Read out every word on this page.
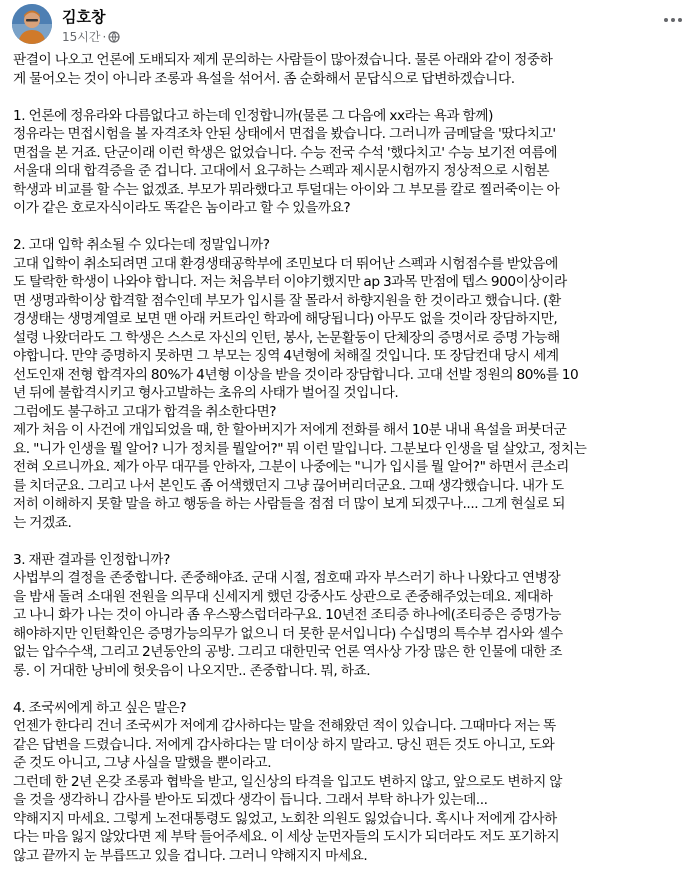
김호창
15시간 ·
판결이 나오고 언론에 도배되자 제게 문의하는 사람들이 많아졌습니다. 물론 아래와 같이 정중하
게 물어오는 것이 아니라 조롱과 욕설을 섞어서. 좀 순화해서 문답식으로 답변하겠습니다.
1. 언론에 정유라와 다름없다고 하는데 인정합니까(물론 그 다음에 xx라는 욕과 함께)
정유라는 면접시험을 볼 자격조차 안된 상태에서 면접을 봤습니다. 그러니까 금메달을 '땄다치고'
면접을 본 거죠. 단군이래 이런 학생은 없었습니다. 수능 전국 수석 '했다치고' 수능 보기전 여름에
서울대 의대 합격증을 준 겁니다. 고대에서 요구하는 스펙과 제시문시험까지 정상적으로 시험본
학생과 비교를 할 수는 없겠죠. 부모가 뭐라했다고 투덜대는 아이와 그 부모를 칼로 찔러죽이는 아
이가 같은 호로자식이라도 똑같은 놈이라고 할 수 있을까요?
2. 고대 입학 취소될 수 있다는데 정말입니까?
고대 입학이 취소되려면 고대 환경생태공학부에 조민보다 더 뛰어난 스펙과 시험점수를 받았음에
도 탈락한 학생이 나와야 합니다. 저는 처음부터 이야기했지만 ap 3과목 만점에 텝스 900이상이라
면 생명과학이상 합격할 점수인데 부모가 입시를 잘 몰라서 하향지원을 한 것이라고 했습니다. (환
경생태는 생명계열로 보면 맨 아래 커트라인 학과에 해당됩니다) 아무도 없을 것이라 장담하지만,
설령 나왔더라도 그 학생은 스스로 자신의 인턴, 봉사, 논문활동이 단체장의 증명서로 증명 가능해
야합니다. 만약 증명하지 못하면 그 부모는 징역 4년형에 처해질 것입니다. 또 장담컨대 당시 세계
선도인재 전형 합격자의 80%가 4년형 이상을 받을 것이라 장담합니다. 고대 선발 정원의 80%를 10
년 뒤에 불합격시키고 형사고발하는 초유의 사태가 벌어질 것입니다.
그럼에도 불구하고 고대가 합격을 취소한다면?
제가 처음 이 사건에 개입되었을 때, 한 할아버지가 저에게 전화를 해서 10분 내내 욕설을 퍼붓더군
요. "니가 인생을 뭘 알어? 니가 정치를 뭘알어?" 뭐 이런 말입니다. 그분보다 인생을 덜 살았고, 정치는
전혀 오르니까요. 제가 아무 대꾸를 안하자, 그분이 나중에는 "니가 입시를 뭘 알어?" 하면서 큰소리
를 치더군요. 그리고 나서 본인도 좀 어색했던지 그냥 끊어버리더군요. 그때 생각했습니다. 내가 도
저히 이해하지 못할 말을 하고 행동을 하는 사람들을 점점 더 많이 보게 되겠구나.... 그게 현실로 되
는 거겠죠.
3. 재판 결과를 인정합니까?
사법부의 결정을 존중합니다. 존중해야죠. 군대 시절, 점호때 과자 부스러기 하나 나왔다고 연병장
을 밤새 돌려 소대원 전원을 의무대 신세지게 했던 강중사도 상관으로 존중해주었는데요. 제대하
고 나니 화가 나는 것이 아니라 좀 우스꽝스럽더라구요. 10년전 조티증 하나에(조티증은 증명가능
해야하지만 인턴확인은 증명가능의무가 없으니 더 못한 문서입니다) 수십명의 특수부 검사와 셀수
없는 압수수색, 그리고 2년동안의 공방. 그리고 대한민국 언론 역사상 가장 많은 한 인물에 대한 조
롱. 이 거대한 낭비에 헛웃음이 나오지만.. 존중합니다. 뭐, 하죠.
4. 조국씨에게 하고 싶은 말은?
언젠가 한다리 건너 조국씨가 저에게 감사하다는 말을 전해왔던 적이 있습니다. 그때마다 저는 똑
같은 답변을 드렸습니다. 저에게 감사하다는 말 더이상 하지 말라고. 당신 편든 것도 아니고, 도와
준 것도 아니고, 그냥 사실을 말했을 뿐이라고.
그런데 한 2년 온갖 조롱과 협박을 받고, 일신상의 타격을 입고도 변하지 않고, 앞으로도 변하지 않
을 것을 생각하니 감사를 받아도 되겠다 생각이 듭니다. 그래서 부탁 하나가 있는데...
약해지지 마세요. 그렇게 노전대통령도 잃었고, 노회찬 의원도 잃었습니다. 혹시나 저에게 감사하
다는 마음 잃지 않았다면 제 부탁 들어주세요. 이 세상 눈먼자들의 도시가 되더라도 저도 포기하지
않고 끝까지 눈 부릅뜨고 있을 겁니다. 그러니 약해지지 마세요.
